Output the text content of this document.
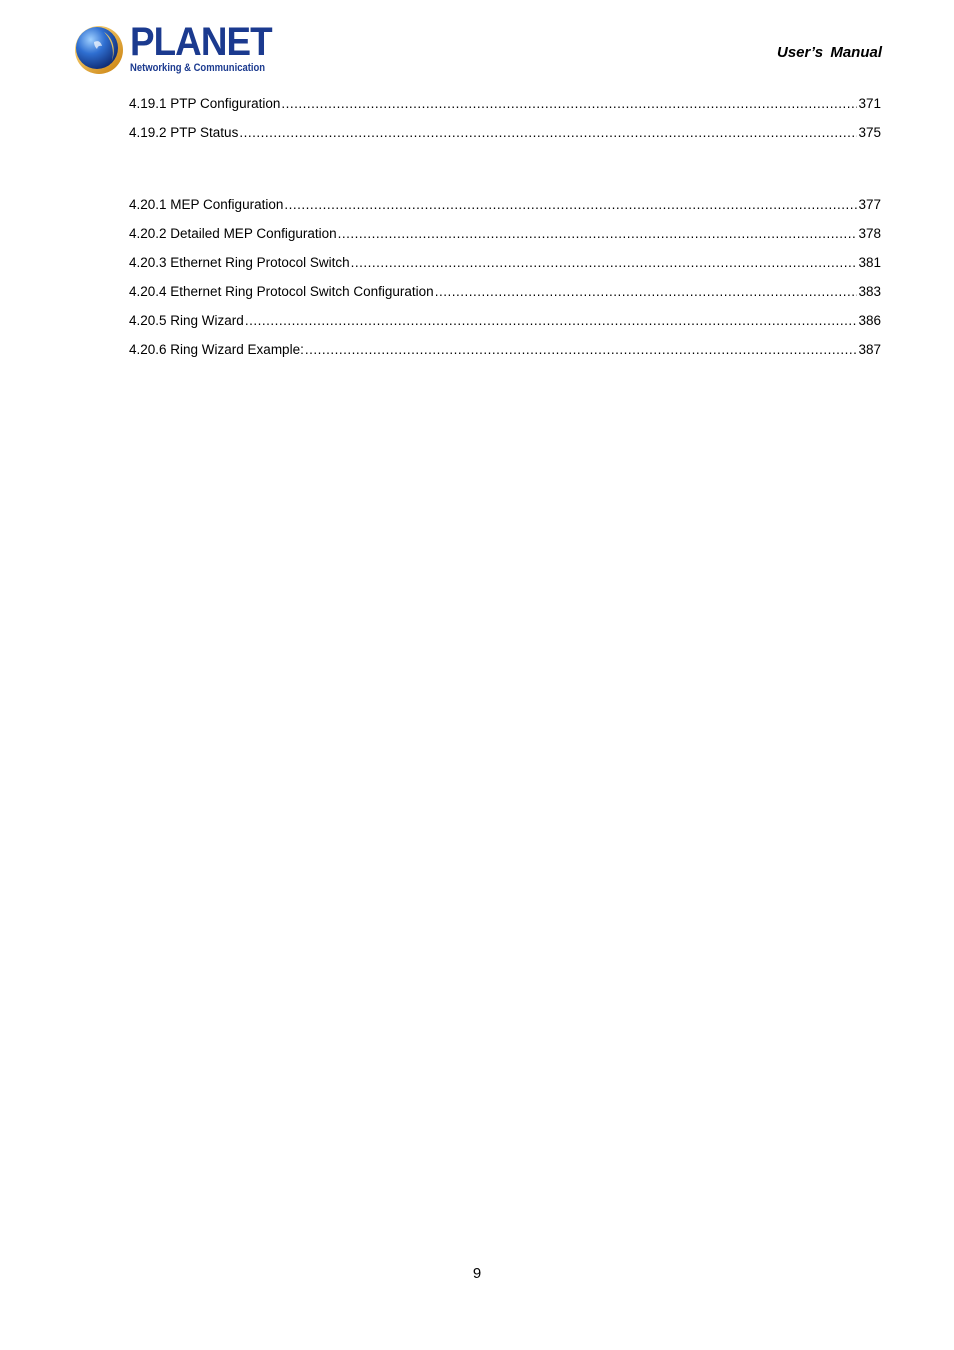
PLANET
Networking & Communication
User’s Manual
4.19.1 PTP Configuration .....	371
4.19.2 PTP Status .....	375
4.20.1 MEP Configuration .....	377
4.20.2 Detailed MEP Configuration .....	378
4.20.3 Ethernet Ring Protocol Switch .....	381
4.20.4 Ethernet Ring Protocol Switch Configuration .....	383
4.20.5 Ring Wizard .....	386
4.20.6 Ring Wizard Example: .....	387
9
